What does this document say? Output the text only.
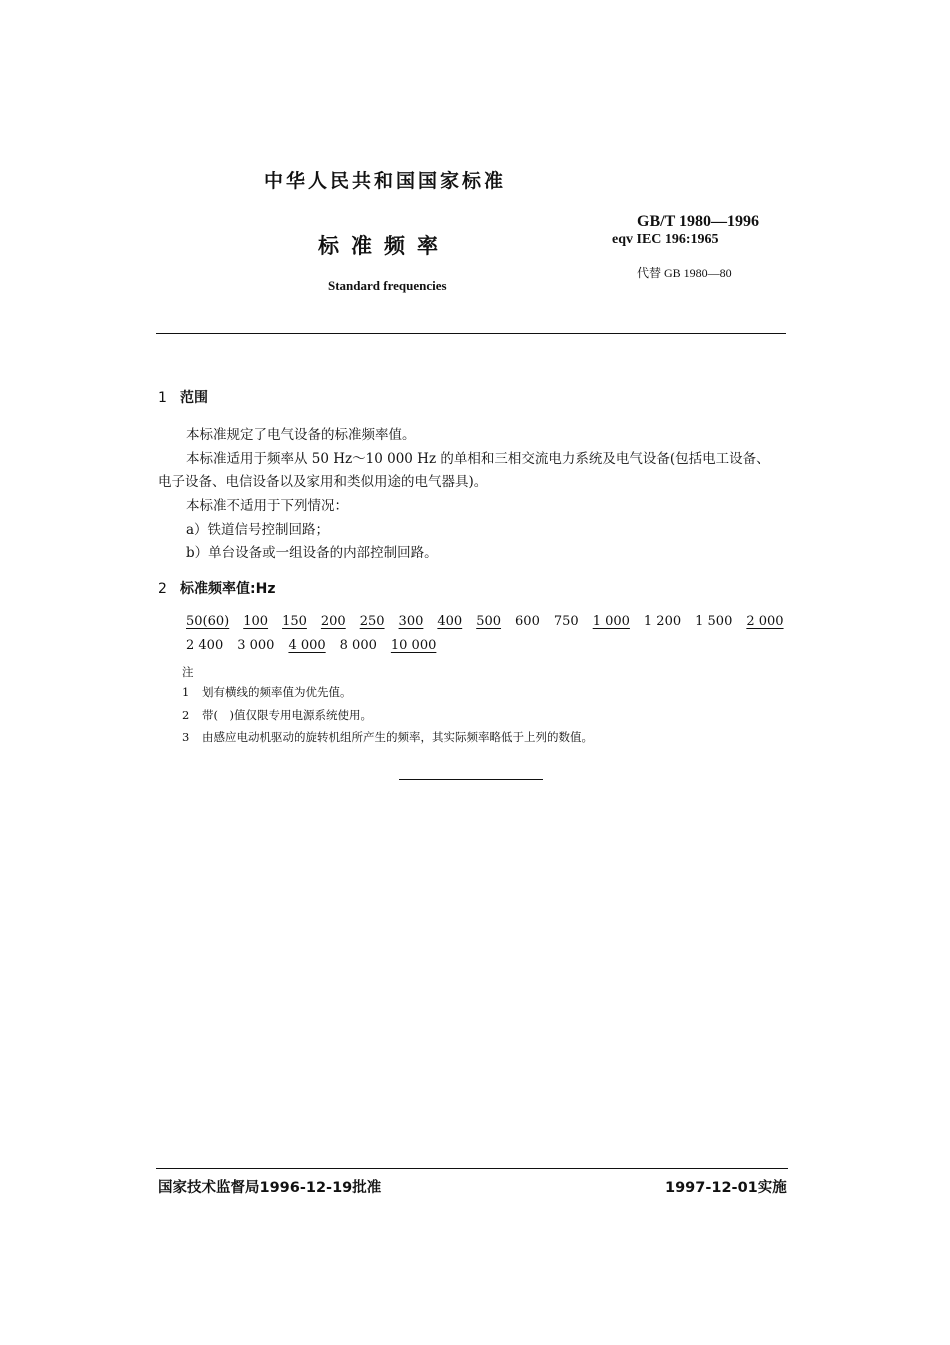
中华人民共和国国家标准
标准频率
Standard frequencies
GB/T 1980—1996
eqv IEC 196:1965
代替 GB 1980—80
1 范围
本标准规定了电气设备的标准频率值。
本标准适用于频率从 50 Hz～10 000 Hz 的单相和三相交流电力系统及电气设备(包括电工设备、
电子设备、电信设备以及家用和类似用途的电气器具)。
本标准不适用于下列情况：
a）铁道信号控制回路；
b）单台设备或一组设备的内部控制回路。
2 标准频率值:Hz
50(60) 100 150 200 250 300 400 500 600 750 1 000 1 200 1 500 2 000
2 400 3 000 4 000 8 000 10 000
注
1 划有横线的频率值为优先值。
2 带(　)值仅限专用电源系统使用。
3 由感应电动机驱动的旋转机组所产生的频率，其实际频率略低于上列的数值。
国家技术监督局1996-12-19批准	1997-12-01实施
